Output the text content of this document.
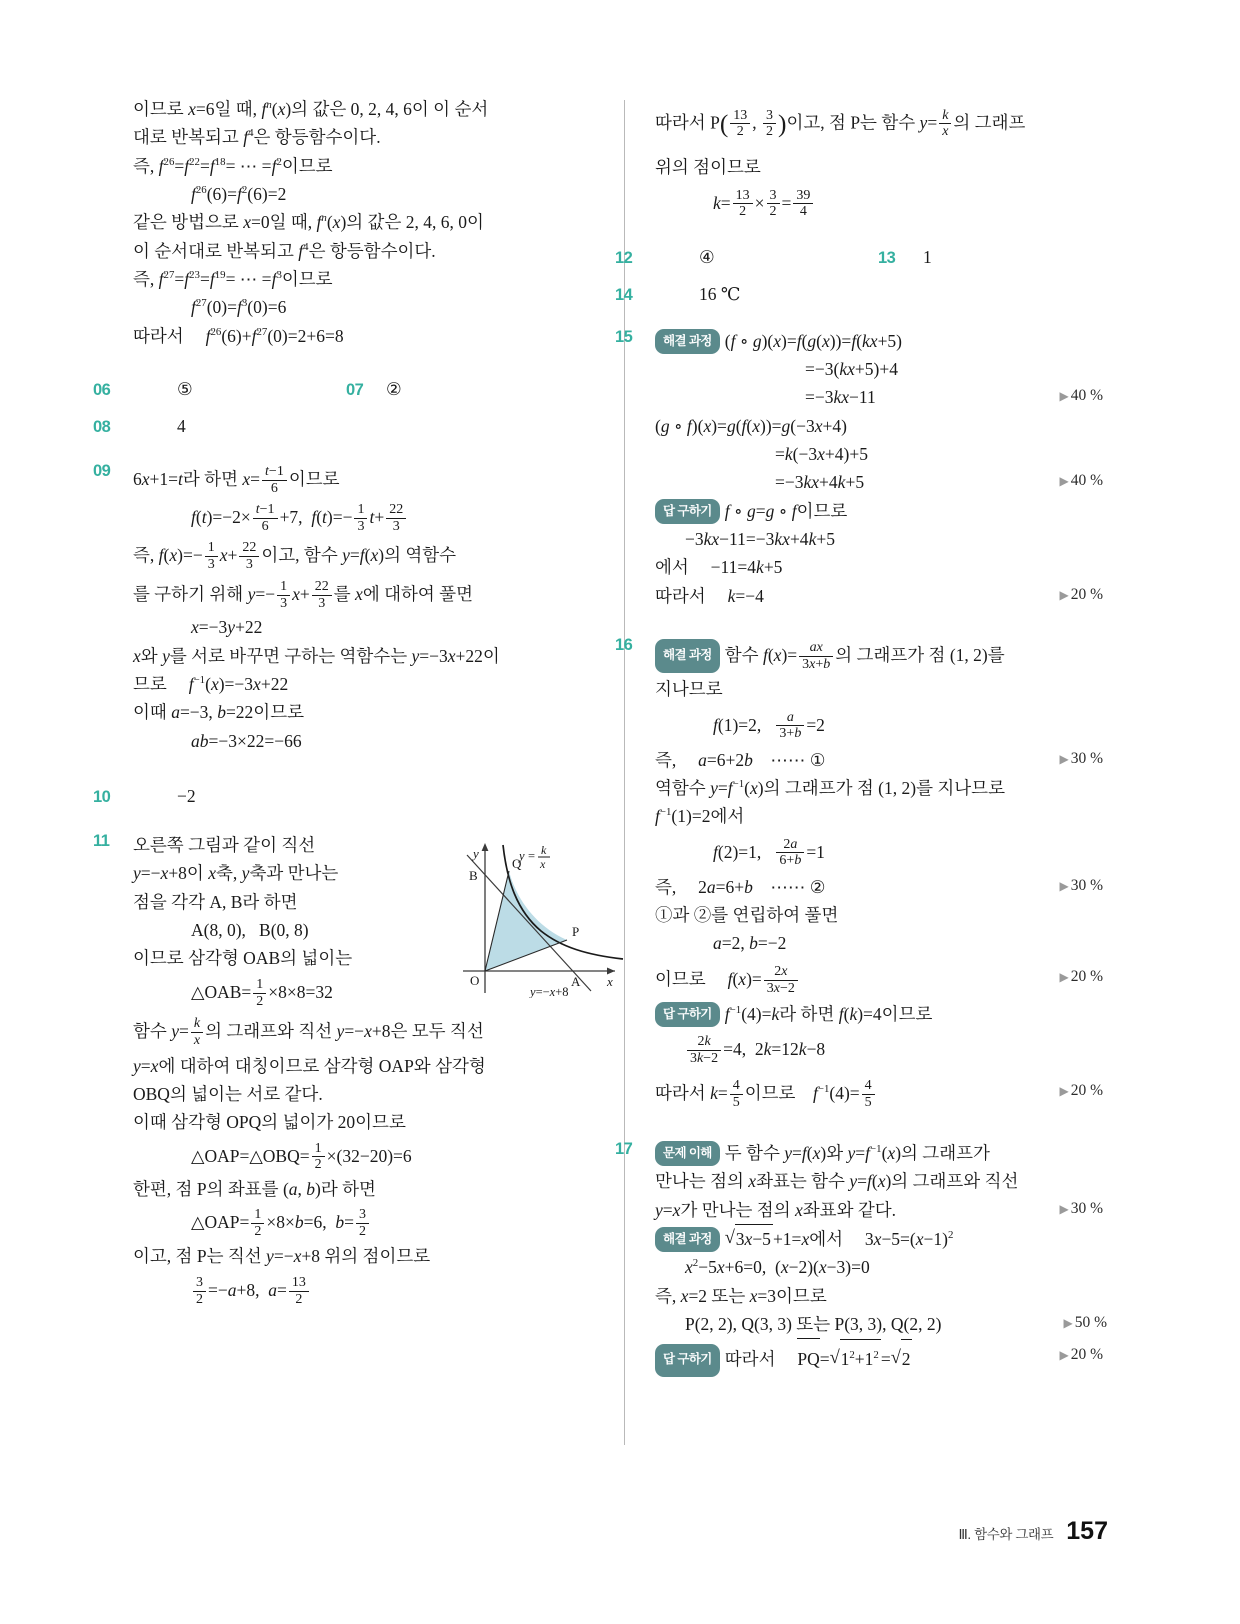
이므로 x=6일 때, $f^n(x)$의 값은 0, 2, 4, 6이 이 순서
대로 반복되고 $f^4$은 항등함수이다.
즉, $f^{26}=f^{22}=f^{18}=$ ⋯ $=f^2$이므로
$f^{26}(6)=f^2(6)=2$
같은 방법으로 x=0일 때, $f^n(x)$의 값은 2, 4, 6, 0이
이 순서대로 반복되고 $f^4$은 항등함수이다.
즉, $f^{27}=f^{23}=f^{19}=$ ⋯ $=f^3$이므로
$f^{27}(0)=f^3(0)=6$
따라서     $f^{26}(6)+f^{27}(0)=2+6=8$
06	⑤	07 ②
08	4
09	6x+1=t라 하면 $x= \frac{t-1}{6}$ 이므로
$f(t)=-2\times \frac{t-1}{6} +7$,  $f(t)=- \frac{1}{3} t+ \frac{22}{3}$
즉, $f(x)=- \frac{1}{3} x+ \frac{22}{3}$ 이고, 함수 y=f(x)의 역함수
를 구하기 위해 $y=- \frac{1}{3} x+ \frac{22}{3}$ 를 x에 대하여 풀면
x=−3y+22
x와 y를 서로 바꾸면 구하는 역함수는 y=−3x+22이
므로     $f^{-1}(x)=-3x+22$
이때 a=−3, b=22이므로
ab=−3×22=−66
10	−2
11
y
x
O
B
Q
P
A
y = k
x
y=−x+8
오른쪽 그림과 같이 직선
y=−x+8이 x축, y축과 만나는
점을 각각 A, B라 하면
A(8, 0),   B(0, 8)
이므로 삼각형 OAB의 넓이는
△OAB= $\frac{1}{2} \times 8\times 8=32$
함수 $y= \frac{k}{x}$ 의 그래프와 직선 y=−x+8은 모두 직선
y=x에 대하여 대칭이므로 삼각형 OAP와 삼각형
OBQ의 넓이는 서로 같다.
이때 삼각형 OPQ의 넓이가 20이므로
△OAP=△OBQ= $\frac{1}{2} \times(32-20)=6$
한편, 점 P의 좌표를 (a, b)라 하면
△OAP= $\frac{1}{2} \times 8\times b=6$,  $b= \frac{3}{2}$
이고, 점 P는 직선 y=−x+8 위의 점이므로
$\frac{3}{2} =-a+8$,  $a= \frac{13}{2}$
따라서 $P( \frac{13}{2}$ , $\frac{3}{2}$ )이고, 점 P는 함수 $y= \frac{k}{x}$ 의 그래프
위의 점이므로
$k= \frac{13}{2} \times \frac{3}{2} = \frac{39}{4}$
12	④	13 1
14	16 ℃
15	해결 과정 (f ∘ g)(x)=f(g(x))=f(kx+5)
=−3(kx+5)+4
=−3kx−11	▶ 40 %
(g ∘ f)(x)=g(f(x))=g(−3x+4)
=k(−3x+4)+5
=−3kx+4k+5	▶ 40 %
답 구하기 f ∘ g=g ∘ f이므로
−3kx−11=−3kx+4k+5
에서     −11=4k+5
따라서     k=−4	▶ 20 %
16
해결 과정 함수 $f(x)= \frac{ax}{3x+b}$ 의 그래프가 점 (1, 2)를
지나므로
f(1)=2, $\frac{a}{3+b} =2$
즉,     a=6+2b    ⋯⋯ ①	▶ 30 %
역함수 $y=f^{-1}(x)$의 그래프가 점 (1, 2)를 지나므로
$f^{-1}(1)=2$에서
f(2)=1, $\frac{2a}{6+b} =1$
즉,     2a=6+b    ⋯⋯ ②	▶ 30 %
①과 ②를 연립하여 풀면
a=2, b=−2
이므로     $f(x)= \frac{2x}{3x-2}$	▶ 20 %
답 구하기 $f^{-1}(4)=k$라 하면 f(k)=4이므로
$\frac{2k}{3k-2} =4$,  2k=12k−8
따라서 $k= \frac{4}{5}$ 이므로    $f^{-1}(4)= \frac{4}{5}$	▶ 20 %
17	문제 이해 두 함수 y=f(x)와 $y=f^{-1}(x)$의 그래프가
만나는 점의 x좌표는 함수 y=f(x)의 그래프와 직선
y=x가 만나는 점의 x좌표와 같다.	▶ 30 %
해결 과정 √ 3x−5 +1=x에서     $3x-5=(x-1)^2$
$x^2-5x+6=0$,  (x−2)(x−3)=0
즉, x=2 또는 x=3이므로
P(2, 2), Q(3, 3) 또는 P(3, 3), Q(2, 2)	▶ 50 %
답 구하기 따라서     PQ= √ $1^2+1^2$ = √ 2	▶ 20 %
Ⅲ. 함수와 그래프 157
